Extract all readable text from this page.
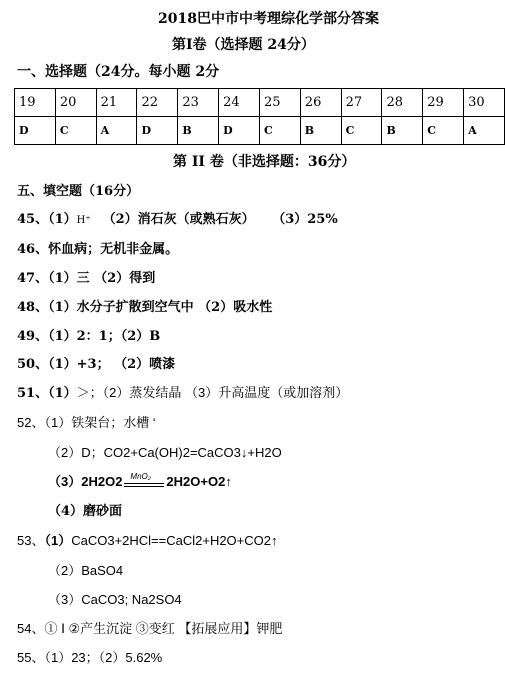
2018巴中市中考理综化学部分答案
第Ⅰ卷（选择题 24分）
一、选择题（24分。每小题 2分
19	20	21	22	23	24	25	26	27	28	29	30
D	C	A	D	B	D	C	B	C	B	C	A
第 II 卷（非选择题：36分）
五、填空题（16分）
45、（1）H⁺ （2）消石灰（或熟石灰） （3）25%
46、怀血病；无机非金属。
47、（1）三 （2）得到
48、（1）水分子扩散到空气中 （2）吸水性
49、（1）2：1；（2）B
50、（1）+3； （2）喷漆
51、（1）＞；（2）蒸发结晶 （3）升高温度（或加溶剂）
52、（1）铁架台；水槽 ‘
（2）D；CO2+Ca(OH)2=CaCO3↓+H2O
（3）2H2O2 MnO₂ 2H2O+O2↑
（4）磨砂面
53、（1）CaCO3+2HCl==CaCl2+H2O+CO2↑
（2）BaSO4
（3）CaCO3; Na2SO4
54、① Ⅰ ②产生沉淀 ③变红 【拓展应用】钾肥
55、（1）23；（2）5.62%
